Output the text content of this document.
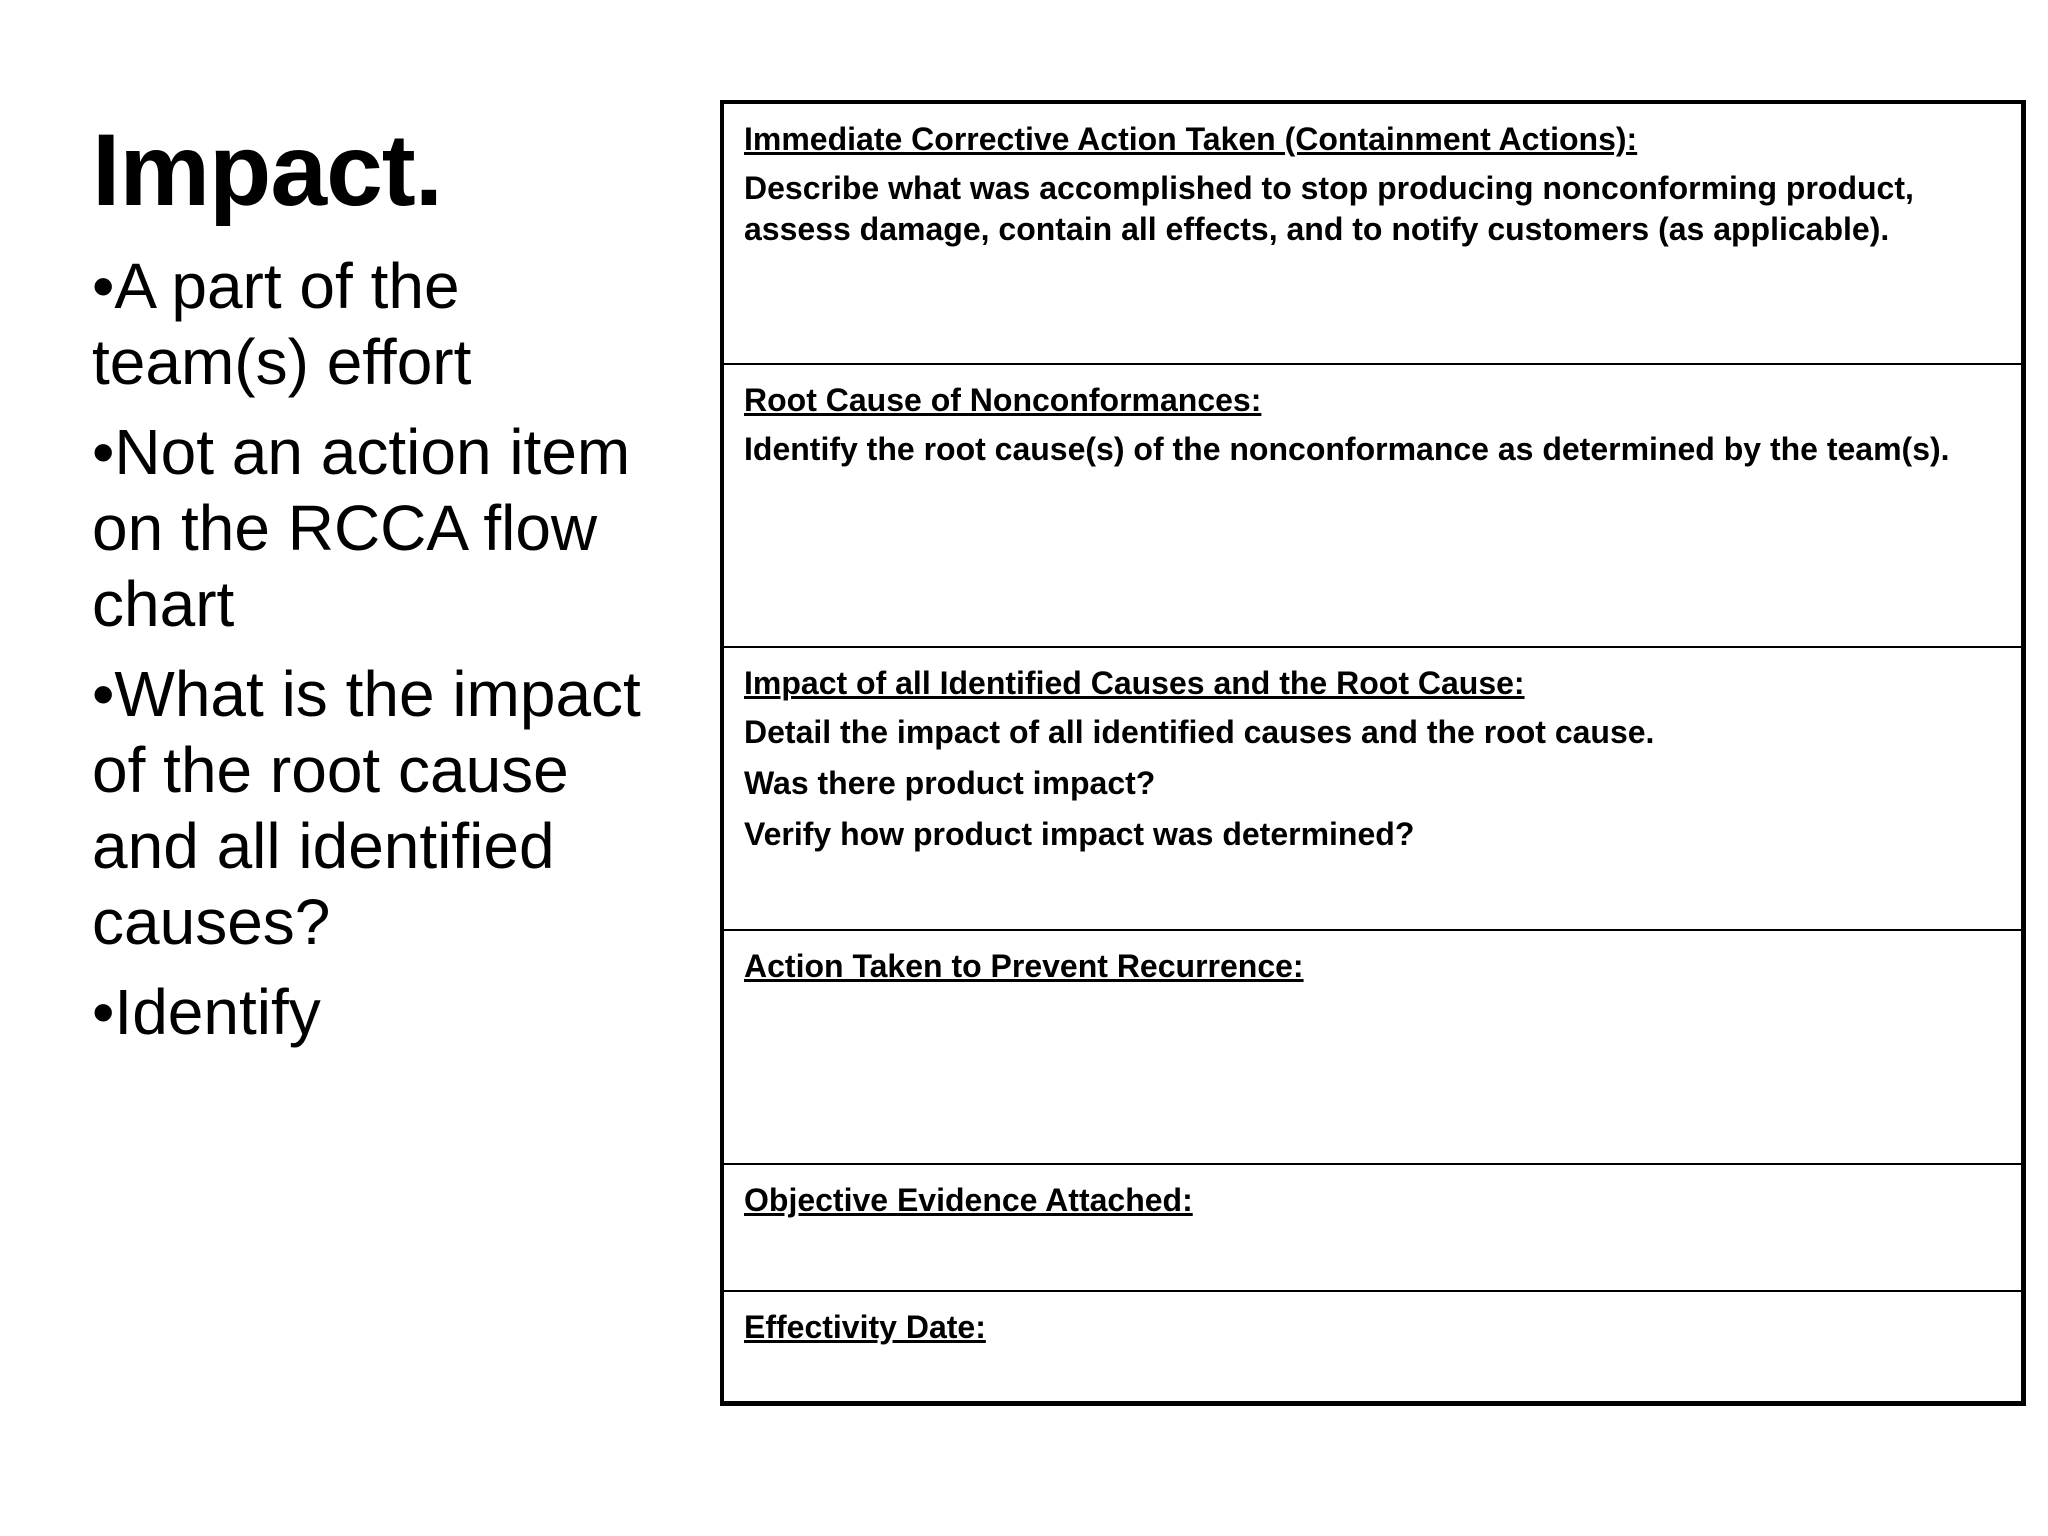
Impact.
• A part of the team(s) effort
• Not an action item on the RCCA flow chart
• What is the impact of the root cause and all identified causes?
• Identify

Immediate Corrective Action Taken (Containment Actions):

Describe what was accomplished to stop producing nonconforming product, assess damage, contain all effects, and to notify customers (as applicable).

Root Cause of Nonconformances:

Identify the root cause(s) of the nonconformance as determined by the team(s).

Impact of all Identified Causes and the Root Cause:

Detail the impact of all identified causes and the root cause.

Was there product impact?

Verify how product impact was determined?

Action Taken to Prevent Recurrence:

Objective Evidence Attached:

Effectivity Date:
